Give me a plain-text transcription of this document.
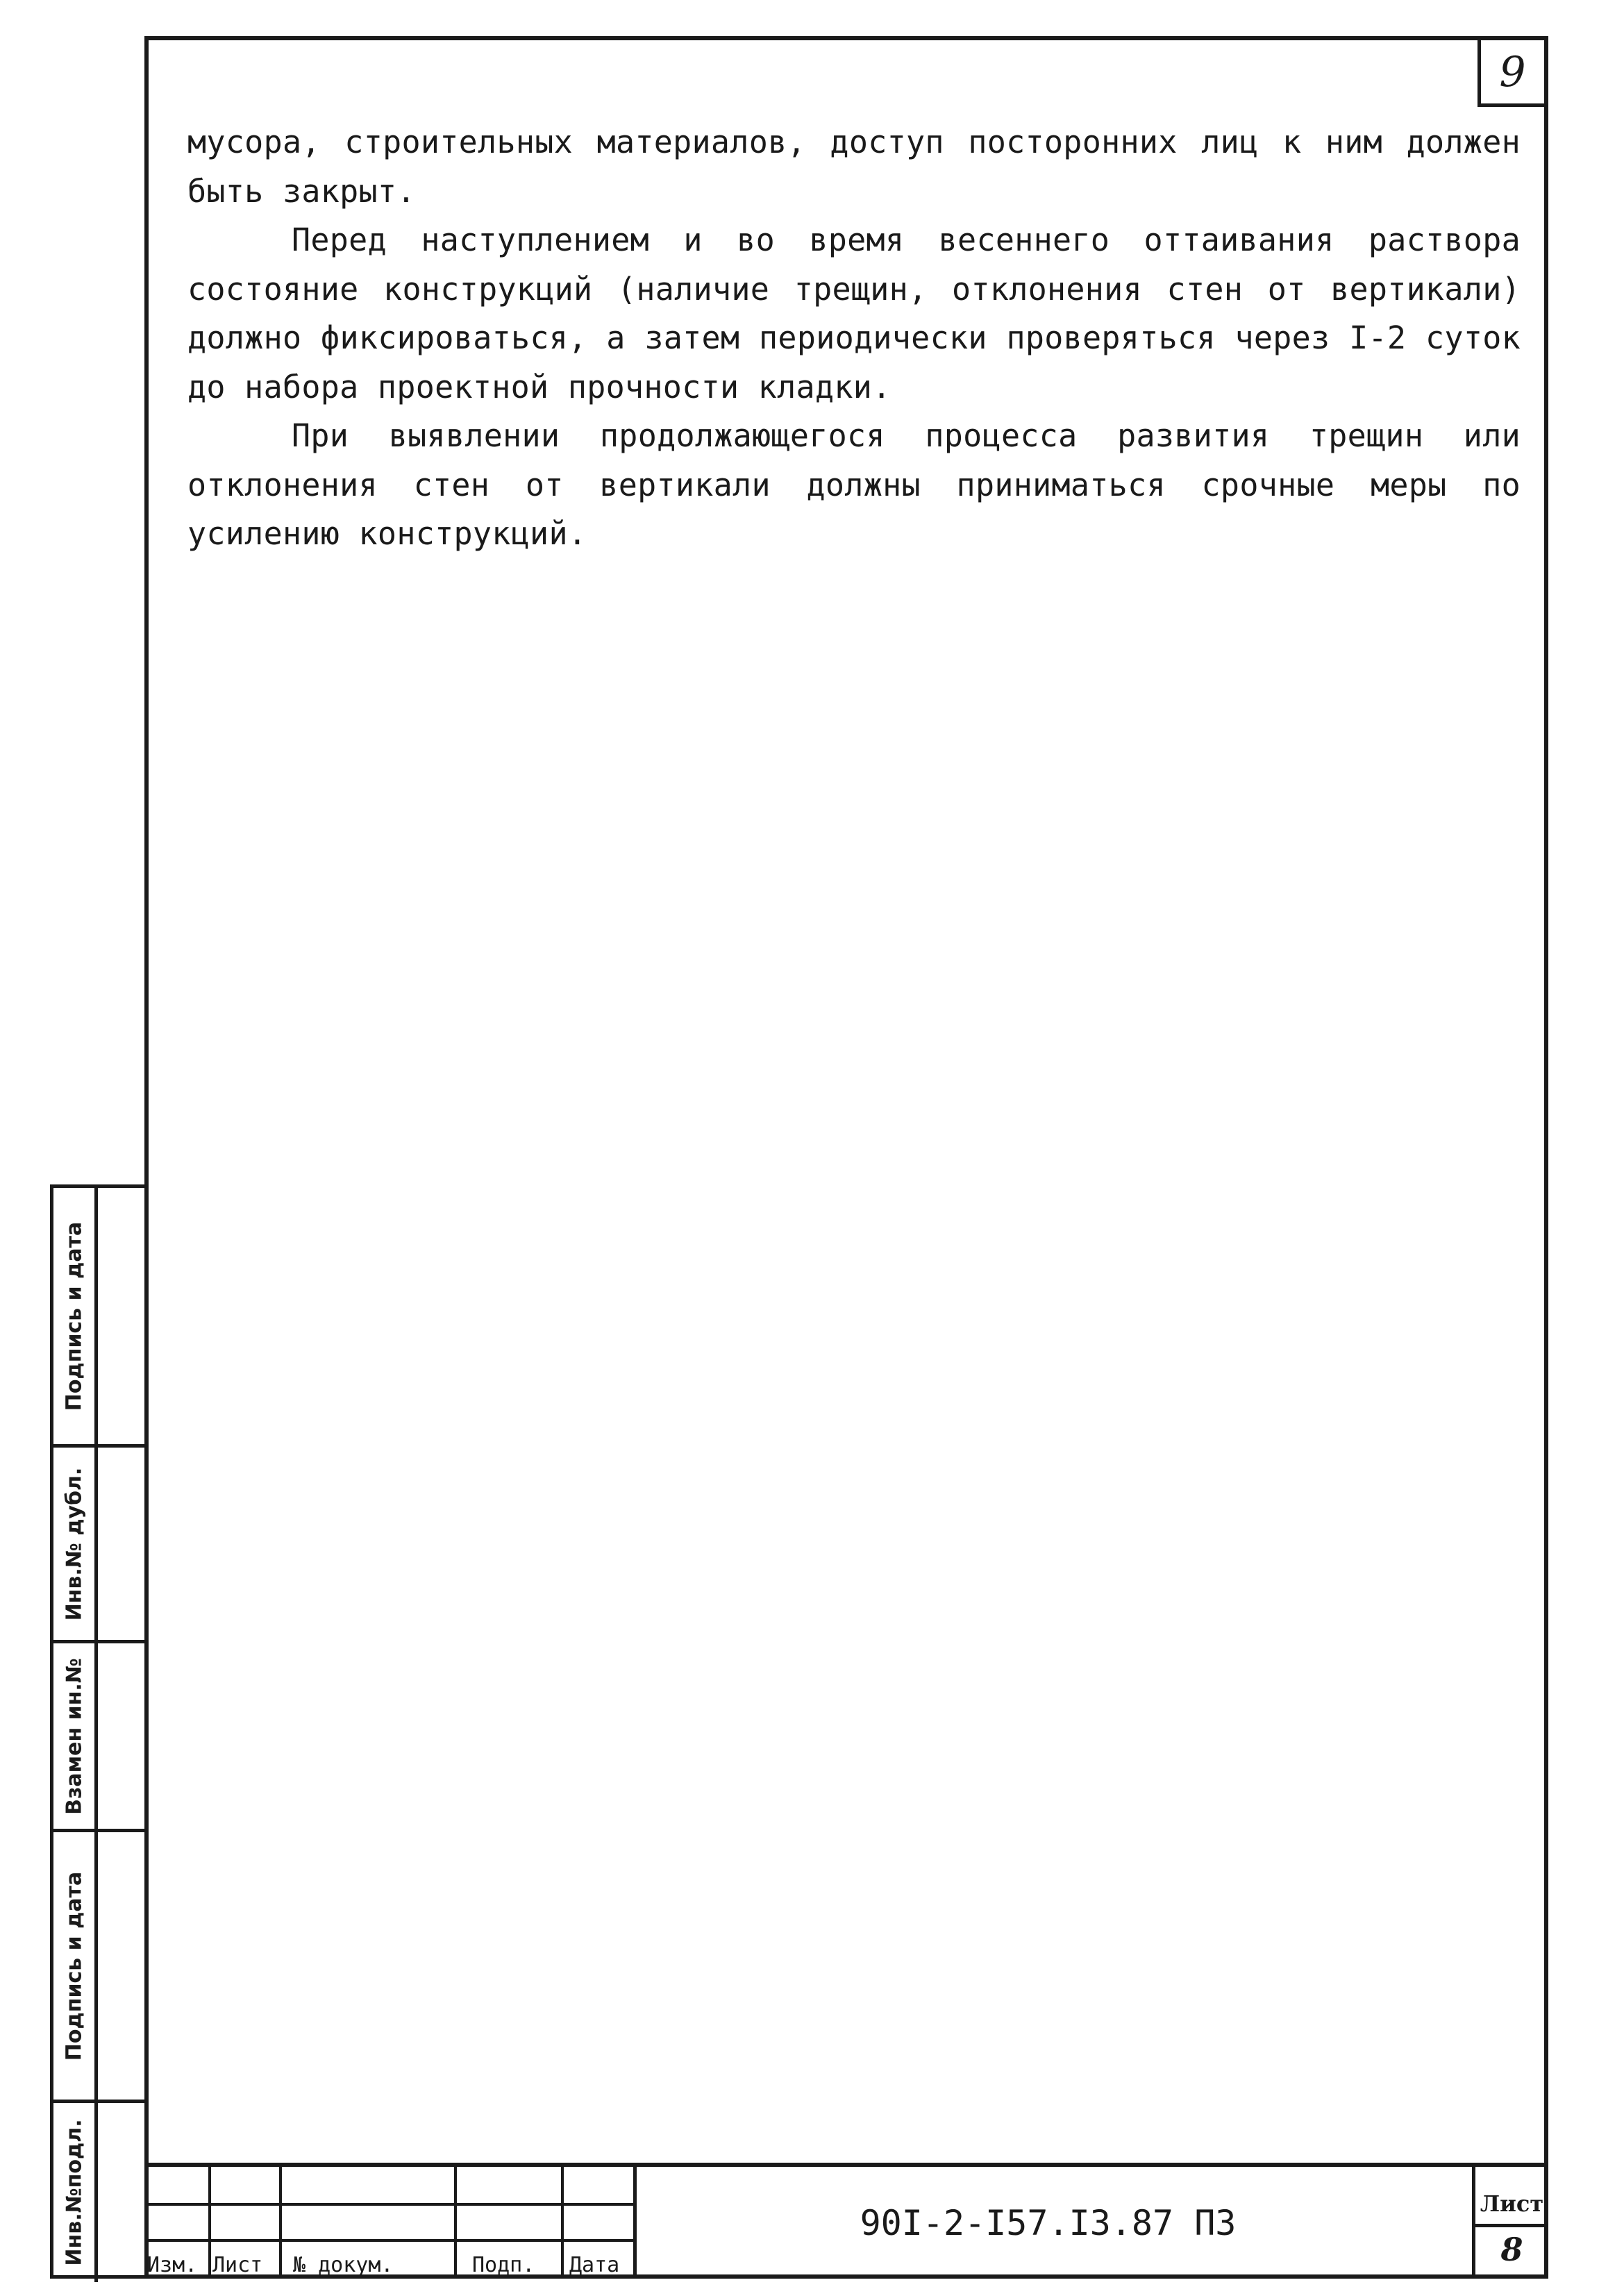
9

мусора, строительных материалов, доступ посторонних лиц к ним должен быть закрыт.

Перед наступлением и во время весеннего оттаивания раствора состояние конструкций (наличие трещин, отклонения стен от вертикали) должно фиксироваться, а затем периодически проверяться через I-2 суток до набора проектной прочности кладки.

При выявлении продолжающегося процесса развития трещин или отклонения стен от вертикали должны приниматься срочные меры по усилению конструкций.

Подпись и дата
Инв.№ дубл.
Взамен ин.№
Подпись и дата
Инв.№подл.	Изм. Лист № докум.	Подп. Дата
90I-2-I57.I3.87 ПЗ	Лист
8
